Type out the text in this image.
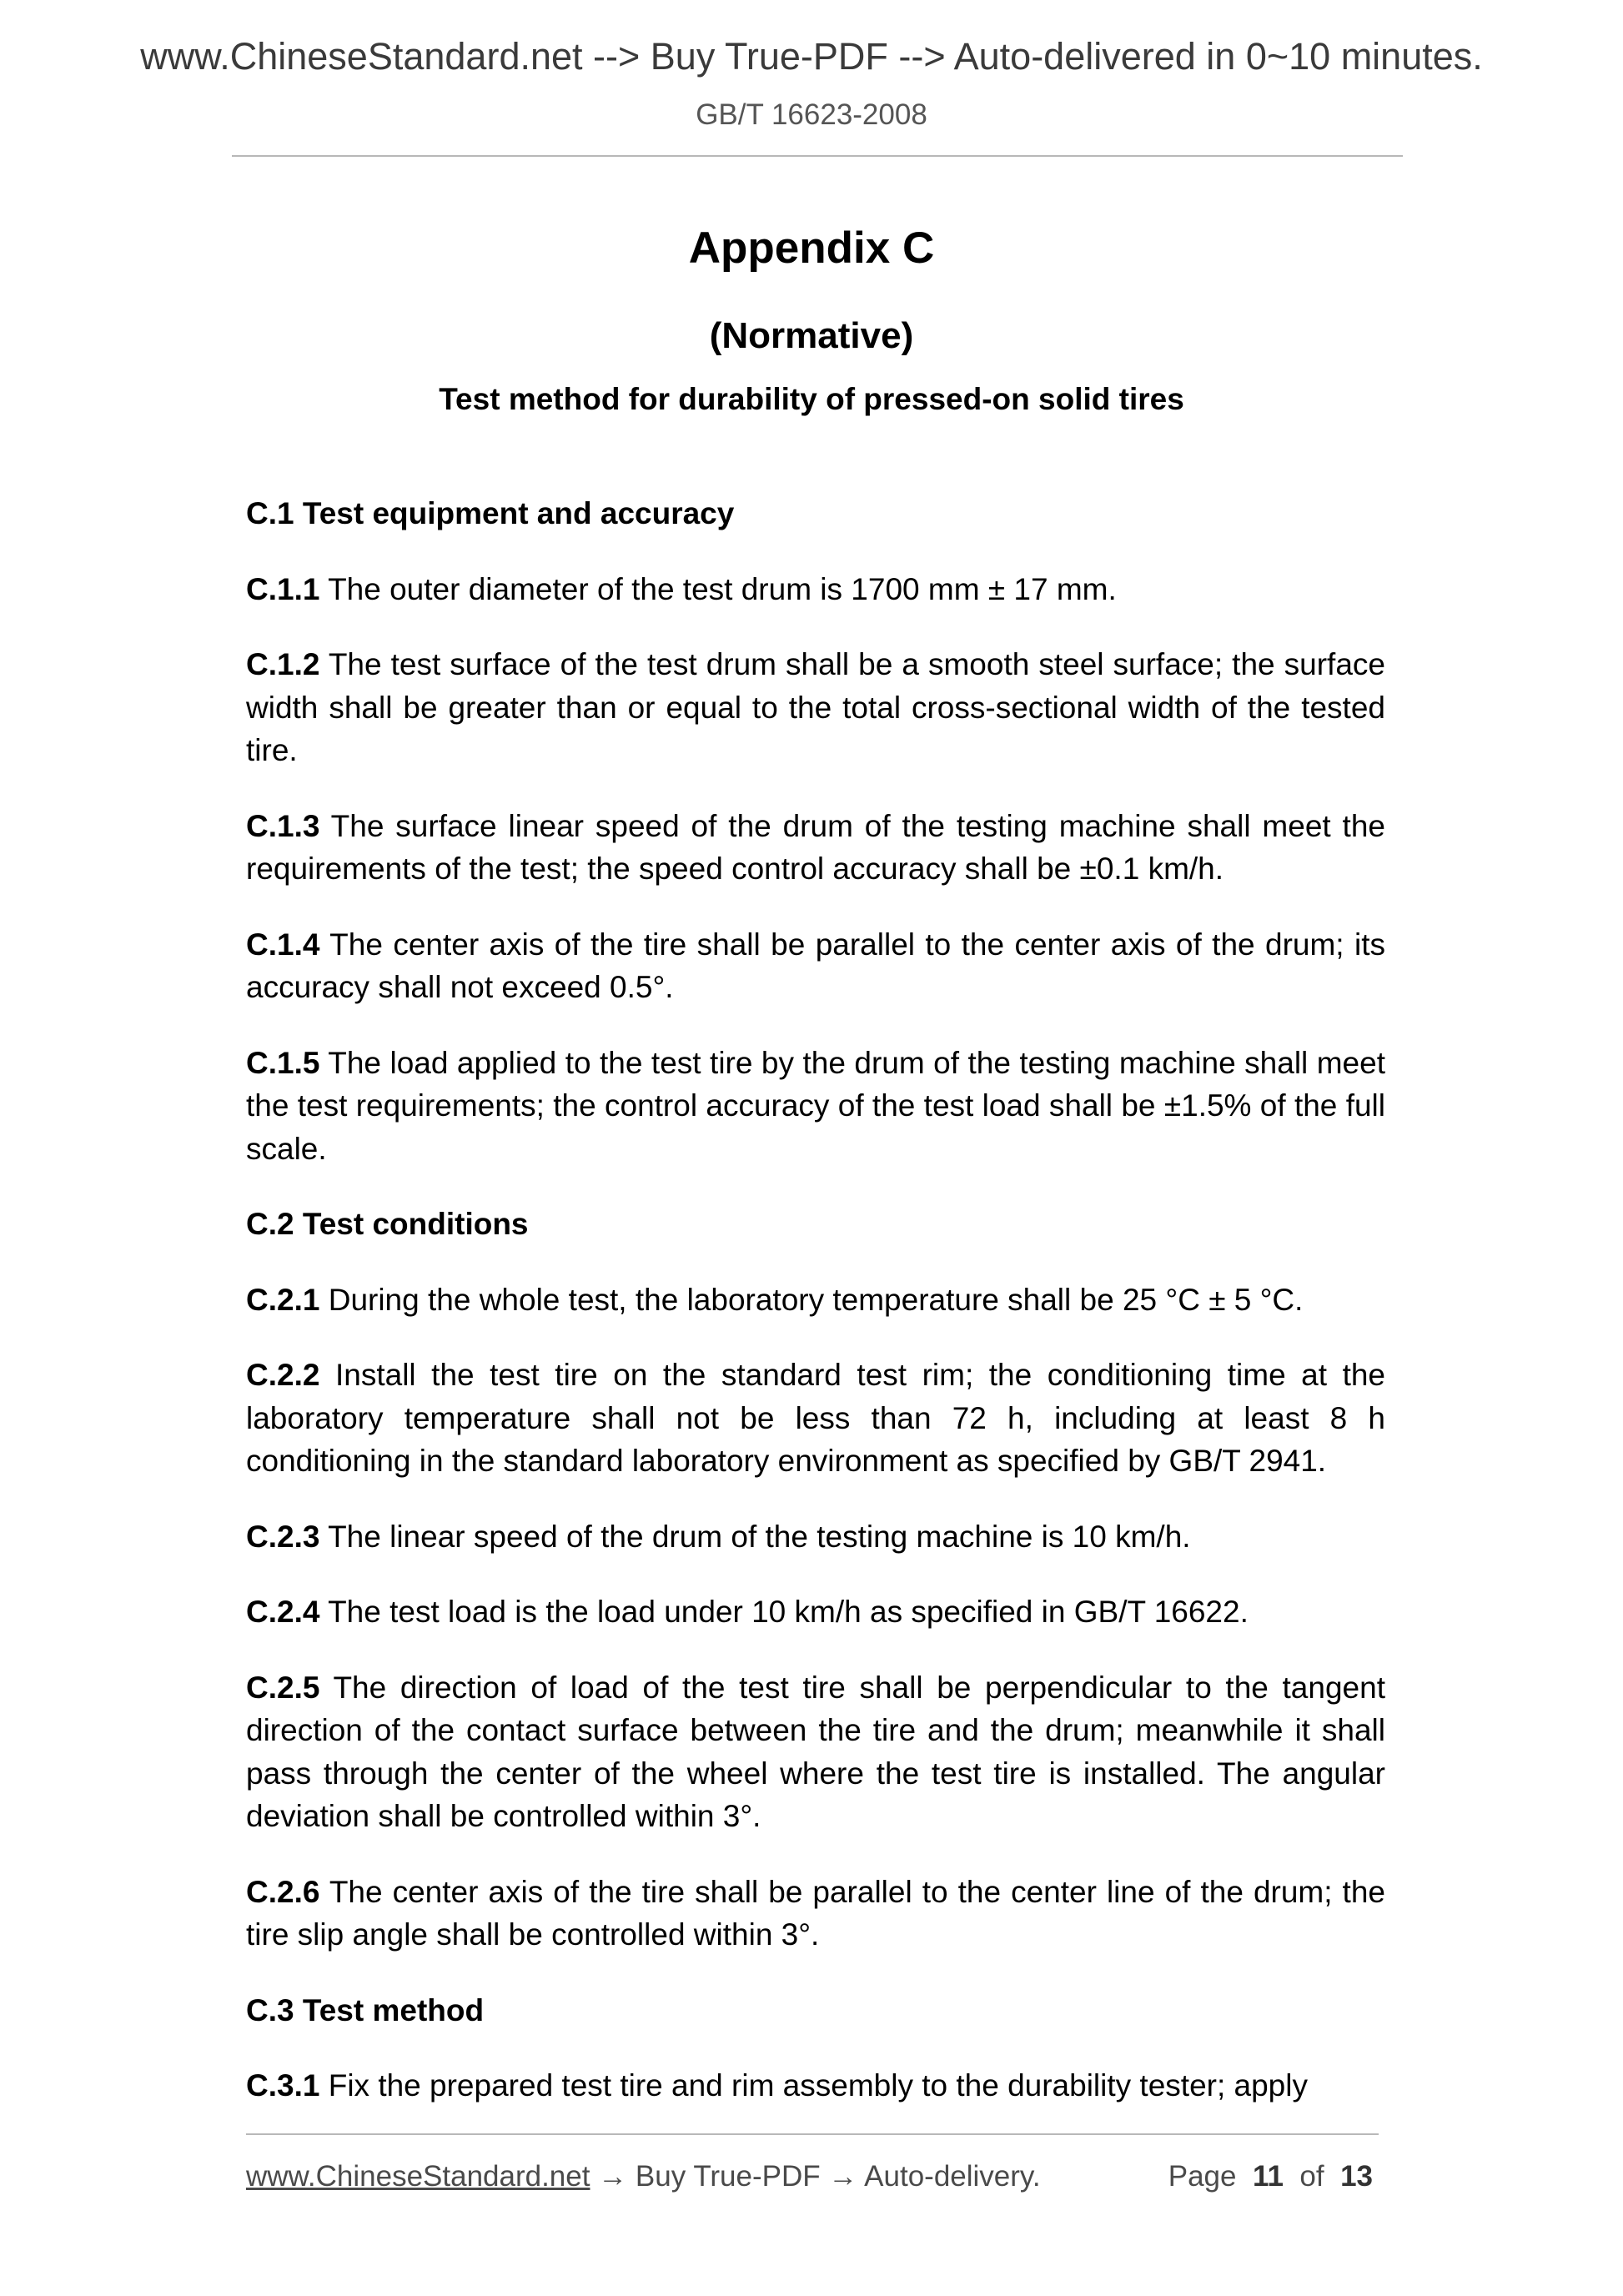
www.ChineseStandard.net --> Buy True-PDF --> Auto-delivered in 0~10 minutes.
GB/T 16623-2008
Appendix C
(Normative)
Test method for durability of pressed-on solid tires
C.1 Test equipment and accuracy

C.1.1 The outer diameter of the test drum is 1700 mm ± 17 mm.

C.1.2 The test surface of the test drum shall be a smooth steel surface; the surface width shall be greater than or equal to the total cross-sectional width of the tested tire.

C.1.3 The surface linear speed of the drum of the testing machine shall meet the requirements of the test; the speed control accuracy shall be ±0.1 km/h.

C.1.4 The center axis of the tire shall be parallel to the center axis of the drum; its accuracy shall not exceed 0.5°.

C.1.5 The load applied to the test tire by the drum of the testing machine shall meet the test requirements; the control accuracy of the test load shall be ±1.5% of the full scale.

C.2 Test conditions

C.2.1 During the whole test, the laboratory temperature shall be 25 °C ± 5 °C.

C.2.2 Install the test tire on the standard test rim; the conditioning time at the laboratory temperature shall not be less than 72 h, including at least 8 h conditioning in the standard laboratory environment as specified by GB/T 2941.

C.2.3 The linear speed of the drum of the testing machine is 10 km/h.

C.2.4 The test load is the load under 10 km/h as specified in GB/T 16622.

C.2.5 The direction of load of the test tire shall be perpendicular to the tangent direction of the contact surface between the tire and the drum; meanwhile it shall pass through the center of the wheel where the test tire is installed. The angular deviation shall be controlled within 3°.

C.2.6 The center axis of the tire shall be parallel to the center line of the drum; the tire slip angle shall be controlled within 3°.

C.3 Test method

C.3.1 Fix the prepared test tire and rim assembly to the durability tester; apply

www.ChineseStandard.net → Buy True-PDF → Auto-delivery.	Page 11 of 13
